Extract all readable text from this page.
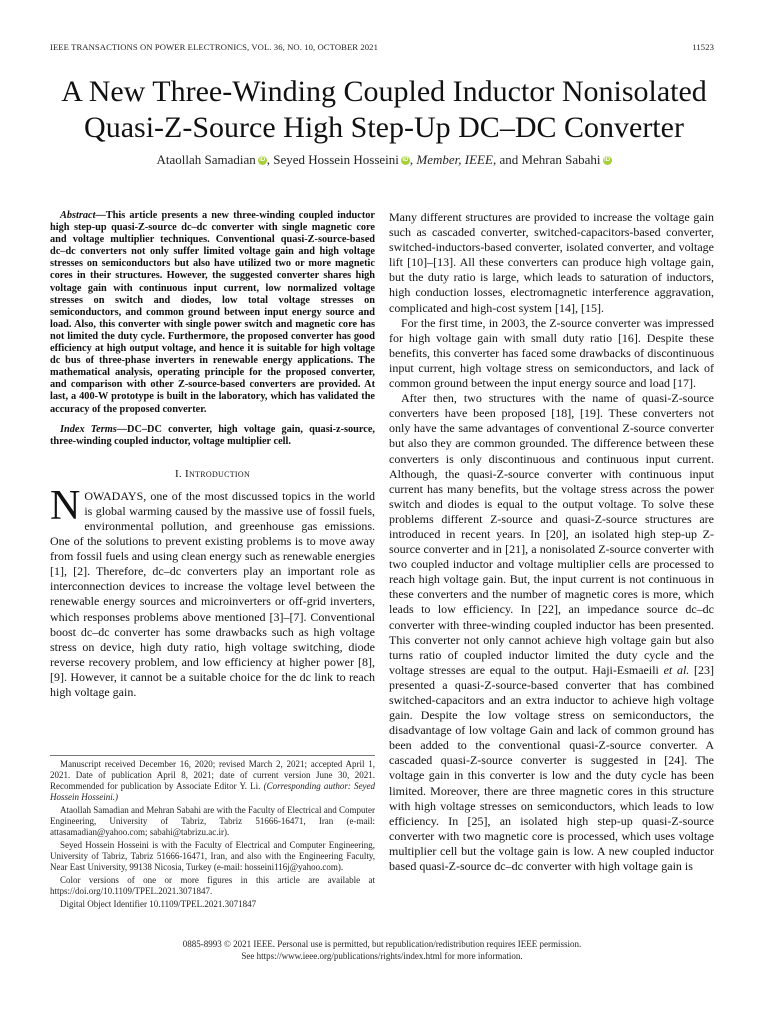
IEEE TRANSACTIONS ON POWER ELECTRONICS, VOL. 36, NO. 10, OCTOBER 2021	11523
A New Three-Winding Coupled Inductor Nonisolated
Quasi-Z-Source High Step-Up DC–DC Converter
Ataollah Samadian iD , Seyed Hossein Hosseini iD , Member, IEEE, and Mehran Sabahi iD

Abstract—This article presents a new three-winding coupled inductor high step-up quasi-Z-source dc–dc converter with single magnetic core and voltage multiplier techniques. Conventional quasi-Z-source-based dc–dc converters not only suffer limited voltage gain and high voltage stresses on semiconductors but also have utilized two or more magnetic cores in their structures. However, the suggested converter shares high voltage gain with continuous input current, low normalized voltage stresses on switch and diodes, low total voltage stresses on semiconductors, and common ground between input energy source and load. Also, this converter with single power switch and magnetic core has not limited the duty cycle. Furthermore, the proposed converter has good efficiency at high output voltage, and hence it is suitable for high voltage dc bus of three-phase inverters in renewable energy applications. The mathematical analysis, operating principle for the proposed converter, and comparison with other Z-source-based converters are provided. At last, a 400-W prototype is built in the laboratory, which has validated the accuracy of the proposed converter.

Index Terms—DC–DC converter, high voltage gain, quasi-z-source, three-winding coupled inductor, voltage multiplier cell.

I. Introduction

NOWADAYS, one of the most discussed topics in the world is global warming caused by the massive use of fossil fuels, environmental pollution, and greenhouse gas emissions. One of the solutions to prevent existing problems is to move away from fossil fuels and using clean energy such as renewable energies [1], [2]. Therefore, dc–dc converters play an important role as interconnection devices to increase the voltage level between the renewable energy sources and microinverters or off-grid inverters, which responses problems above mentioned [3]–[7]. Conventional boost dc–dc converter has some drawbacks such as high voltage stress on device, high duty ratio, high voltage switching, diode reverse recovery problem, and low efficiency at higher power [8], [9]. However, it cannot be a suitable choice for the dc link to reach high voltage gain.

Manuscript received December 16, 2020; revised March 2, 2021; accepted April 1, 2021. Date of publication April 8, 2021; date of current version June 30, 2021. Recommended for publication by Associate Editor Y. Li. (Corresponding author: Seyed Hossein Hosseini.)

Ataollah Samadian and Mehran Sabahi are with the Faculty of Electrical and Computer Engineering, University of Tabriz, Tabriz 51666-16471, Iran (e-mail: attasamadian@yahoo.com; sabahi@tabrizu.ac.ir).

Seyed Hossein Hosseini is with the Faculty of Electrical and Computer Engineering, University of Tabriz, Tabriz 51666-16471, Iran, and also with the Engineering Faculty, Near East University, 99138 Nicosia, Turkey (e-mail: hosseini116j@yahoo.com).

Color versions of one or more figures in this article are available at https://doi.org/10.1109/TPEL.2021.3071847.

Digital Object Identifier 10.1109/TPEL.2021.3071847

Many different structures are provided to increase the voltage gain such as cascaded converter, switched-capacitors-based converter, switched-inductors-based converter, isolated converter, and voltage lift [10]–[13]. All these converters can produce high voltage gain, but the duty ratio is large, which leads to saturation of inductors, high conduction losses, electromagnetic interference aggravation, complicated and high-cost system [14], [15].

For the first time, in 2003, the Z-source converter was impressed for high voltage gain with small duty ratio [16]. Despite these benefits, this converter has faced some drawbacks of discontinuous input current, high voltage stress on semiconductors, and lack of common ground between the input energy source and load [17].

After then, two structures with the name of quasi-Z-source converters have been proposed [18], [19]. These converters not only have the same advantages of conventional Z-source converter but also they are common grounded. The difference between these converters is only discontinuous and continuous input current. Although, the quasi-Z-source converter with continuous input current has many benefits, but the voltage stress across the power switch and diodes is equal to the output voltage. To solve these problems different Z-source and quasi-Z-source structures are introduced in recent years. In [20], an isolated high step-up Z-source converter and in [21], a nonisolated Z-source converter with two coupled inductor and voltage multiplier cells are processed to reach high voltage gain. But, the input current is not continuous in these converters and the number of magnetic cores is more, which leads to low efficiency. In [22], an impedance source dc–dc converter with three-winding coupled inductor has been presented. This converter not only cannot achieve high voltage gain but also turns ratio of coupled inductor limited the duty cycle and the voltage stresses are equal to the output. Haji-Esmaeili et al. [23] presented a quasi-Z-source-based converter that has combined switched-capacitors and an extra inductor to achieve high voltage gain. Despite the low voltage stress on semiconductors, the disadvantage of low voltage Gain and lack of common ground has been added to the conventional quasi-Z-source converter. A cascaded quasi-Z-source converter is suggested in [24]. The voltage gain in this converter is low and the duty cycle has been limited. Moreover, there are three magnetic cores in this structure with high voltage stresses on semiconductors, which leads to low efficiency. In [25], an isolated high step-up quasi-Z-source converter with two magnetic core is processed, which uses voltage multiplier cell but the voltage gain is low. A new coupled inductor based quasi-Z-source dc–dc converter with high voltage gain is

0885-8993 © 2021 IEEE. Personal use is permitted, but republication/redistribution requires IEEE permission.
See https://www.ieee.org/publications/rights/index.html for more information.
